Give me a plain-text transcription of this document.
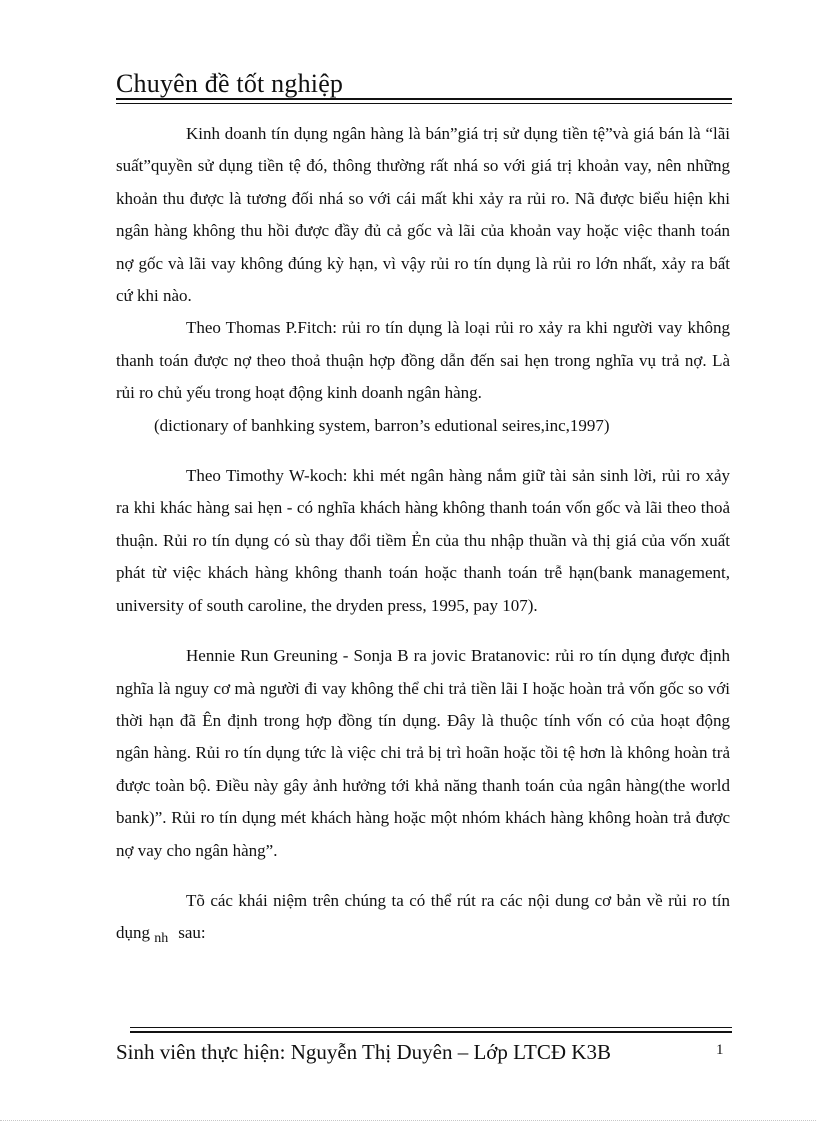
Chuyên đề tốt nghiệp

Kinh doanh tín dụng ngân hàng là bán”giá trị sử dụng tiền tệ”và giá bán là “lãi suất”quyền sử dụng tiền tệ đó, thông thường rất nhá so với giá trị khoản vay, nên những khoản thu được là tương đối nhá so với cái mất khi xảy ra rủi ro. Nã được biểu hiện khi ngân hàng không thu hồi được đầy đủ cả gốc và lãi của khoản vay hoặc việc thanh toán nợ gốc và lãi vay không đúng kỳ hạn, vì vậy rủi ro tín dụng là rủi ro lớn nhất, xảy ra bất cứ khi nào.

Theo Thomas P.Fitch: rủi ro tín dụng là loại rủi ro xảy ra khi người vay không thanh toán được nợ theo thoả thuận hợp đồng dẫn đến sai hẹn trong nghĩa vụ trả nợ. Là rủi ro chủ yếu trong hoạt động kinh doanh ngân hàng.

(dictionary of banhking system, barron’s edutional seires,inc,1997)

Theo Timothy W-koch: khi mét ngân hàng nắm giữ tài sản sinh lời, rủi ro xảy ra khi khác hàng sai hẹn - có nghĩa khách hàng không thanh toán vốn gốc và lãi theo thoả thuận. Rủi ro tín dụng có sù thay đổi tiềm Ẻn của thu nhập thuần và thị giá của vốn xuất phát từ việc khách hàng không thanh toán hoặc thanh toán trễ hạn(bank management, university of south caroline, the dryden press, 1995, pay 107).

Hennie Run Greuning - Sonja B ra jovic Bratanovic: rủi ro tín dụng được định nghĩa là nguy cơ mà người đi vay không thể chi trả tiền lãi I hoặc hoàn trả vốn gốc so với thời hạn đã Ên định trong hợp đồng tín dụng. Đây là thuộc tính vốn có của hoạt động ngân hàng. Rủi ro tín dụng tức là việc chi trả bị trì hoãn hoặc tồi tệ hơn là không hoàn trả được toàn bộ. Điều này gây ảnh hưởng tới khả năng thanh toán của ngân hàng(the world bank)”. Rủi ro tín dụng mét khách hàng hoặc một nhóm khách hàng không hoàn trả được nợ vay cho ngân hàng”.

Tõ các khái niệm trên chúng ta có thể rút ra các nội dung cơ bản về rủi ro tín dụng $_{nh}$ sau:

Sinh viên thực hiện: Nguyễn Thị Duyên – Lớp LTCĐ K3B	1
